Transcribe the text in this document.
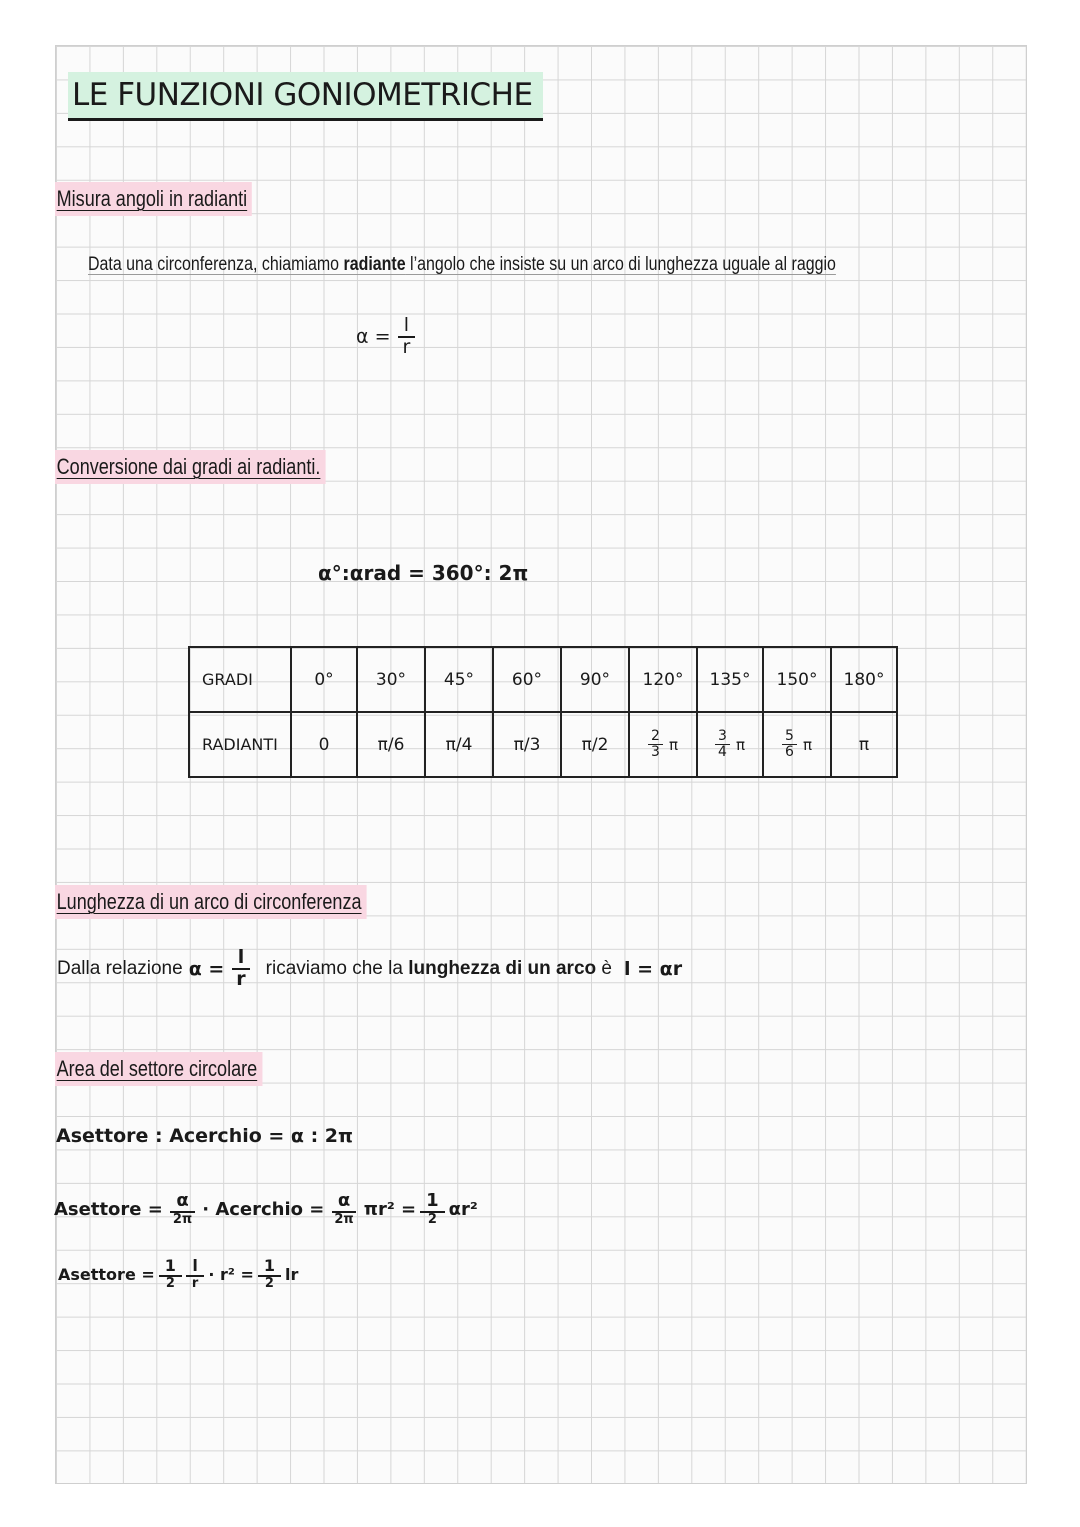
LE FUNZIONI GONIOMETRICHE
Misura angoli in radianti
Data una circonferenza, chiamiamo radiante l’angolo che insiste su un arco di lunghezza uguale al raggio
$\alpha = \frac{l}{r}$
Conversione dai gradi ai radianti.
α°:αrad = 360°: 2π
GRADI	0°	30°	45°	60°	90°	120°	135°	150°	180°
RADIANTI	0	π/6	π/4	π/3	π/2	$\frac{2}{3}$ π	$\frac{3}{4}$ π	$\frac{5}{6}$ π	π
Lunghezza di un arco di circonferenza
Dalla relazione $\alpha = \frac{l}{r}$ ricaviamo che la lunghezza di un arco è l = αr
Area del settore circolare
Asettore : Acerchio = α : 2π
Asettore = $\frac{\alpha}{2\pi}$ · Acerchio = $\frac{\alpha}{2\pi} \pi r^2 = \frac{1}{2} \alpha r^2$
Asettore = $\frac{1}{2} \frac{l}{r} \cdot r^2 = \frac{1}{2}$ lr
